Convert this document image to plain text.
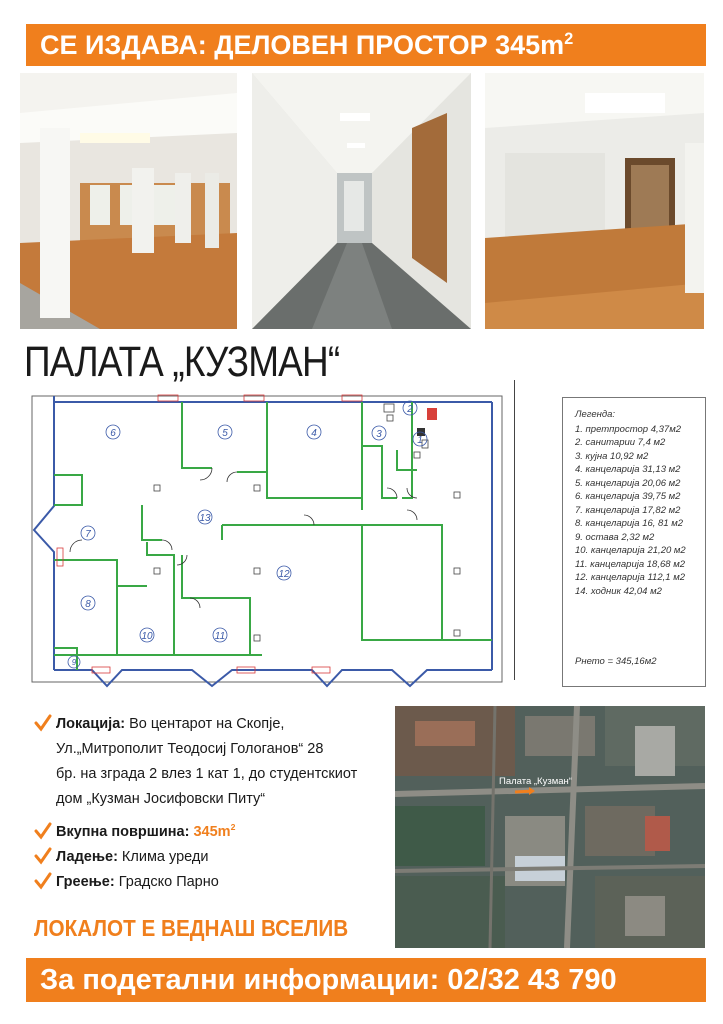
СЕ ИЗДАВА: ДЕЛОВЕН ПРОСТОР $345m^2$
ПАЛАТА „КУЗМАН“
1
2
3
4
5
6
7
8
9
10	11
12
13
Легенда:
1. претпростор 4,37м2
2. санитарии 7,4 м2
3. кујна 10,92 м2
4. канцеларија 31,13 м2
5. канцеларија 20,06 м2
6. канцеларија 39,75 м2
7. канцеларија 17,82 м2
8. канцеларија 16, 81 м2
9. остава 2,32 м2
10. канцеларија 21,20 м2
11. канцеларија 18,68 м2
12. канцеларија 112,1 м2
14. ходник 42,04 м2
Рнето = 345,16м2
Локација: Во центарот на Скопје,
Ул.„Митрополит Теодосиј Гологанов“ 28
бр. на зграда 2 влез 1 кат 1, до студентскиот
дом „Кузман Јосифовски Питу“
Вкупна површина: $345m^2$
Ладење: Клима уреди
Греење: Градско Парно
ЛОКАЛОТ Е ВЕДНАШ ВСЕЛИВ
Палата „Кузман“
За подетални информации: 02/32 43 790
